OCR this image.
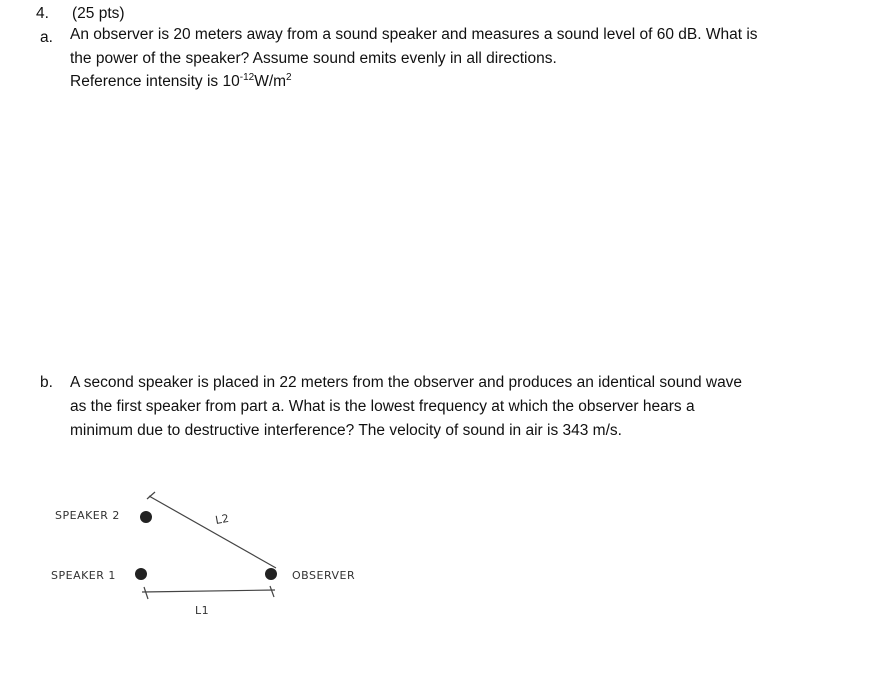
4. (25 pts)
a. An observer is 20 meters away from a sound speaker and measures a sound level of 60 dB. What is
the power of the speaker? Assume sound emits evenly in all directions.
Reference intensity is $10^{-12}W/m^2$
b. A second speaker is placed in 22 meters from the observer and produces an identical sound wave
as the first speaker from part a. What is the lowest frequency at which the observer hears a
minimum due to destructive interference? The velocity of sound in air is 343 m/s.
SPEAKER 2
SPEAKER 1
L2
OBSERVER
L1
